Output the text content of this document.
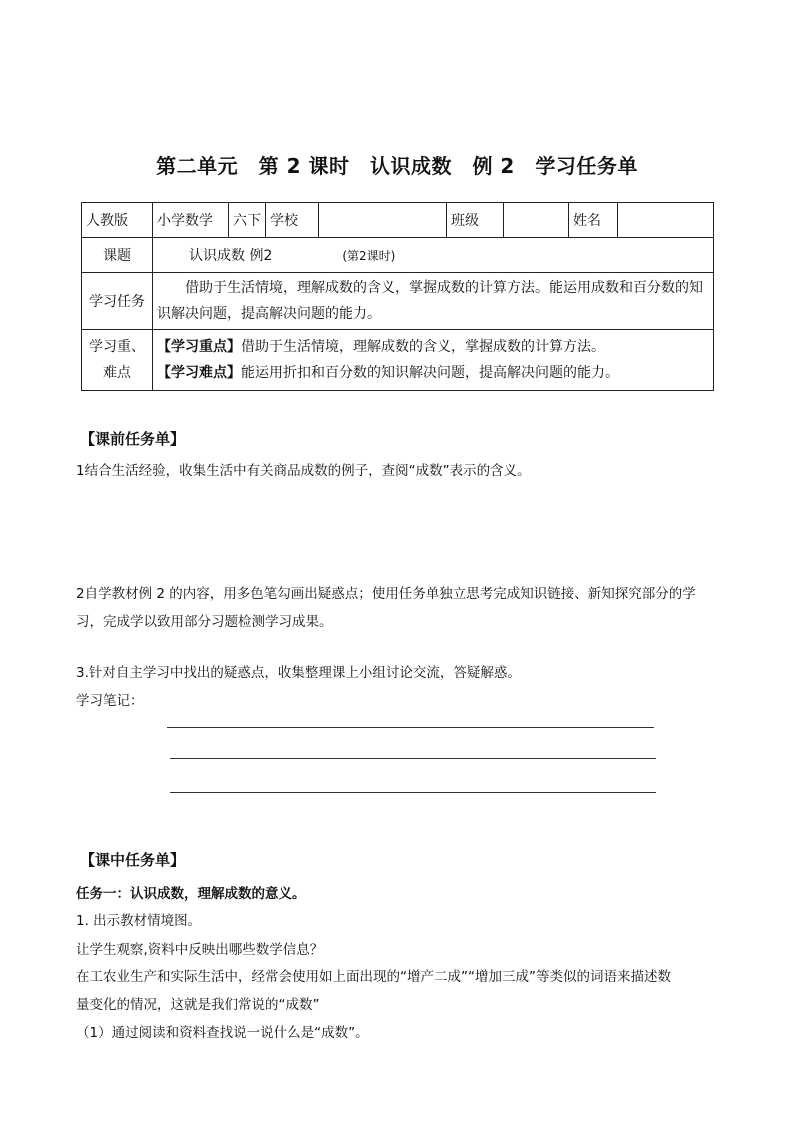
第二单元　第 2 课时　认识成数　例 2　学习任务单
人教版	小学数学	六下	学校		班级		姓名	
课题	认识成数 例2 (第2课时)							
学习任务	借助于生活情境，理解成数的含义，掌握成数的计算方法。能运用成数和百分数的知识解决问题，提高解决问题的能力。							
学习重、
难点	【学习重点】借助于生活情境，理解成数的含义，掌握成数的计算方法。
【学习难点】能运用折扣和百分数的知识解决问题，提高解决问题的能力。							
【课前任务单】
1结合生活经验，收集生活中有关商品成数的例子，查阅“成数”表示的含义。
2自学教材例 2 的内容，用多色笔勾画出疑惑点；使用任务单独立思考完成知识链接、新知探究部分的学
习，完成学以致用部分习题检测学习成果。
3.针对自主学习中找出的疑惑点，收集整理课上小组讨论交流，答疑解惑。
学习笔记：
【课中任务单】
任务一：认识成数，理解成数的意义。
1. 出示教材情境图。
让学生观察,资料中反映出哪些数学信息？
在工农业生产和实际生活中，经常会使用如上面出现的“增产二成”“增加三成”等类似的词语来描述数
量变化的情况，这就是我们常说的“成数”
（1）通过阅读和资料查找说一说什么是“成数”。
